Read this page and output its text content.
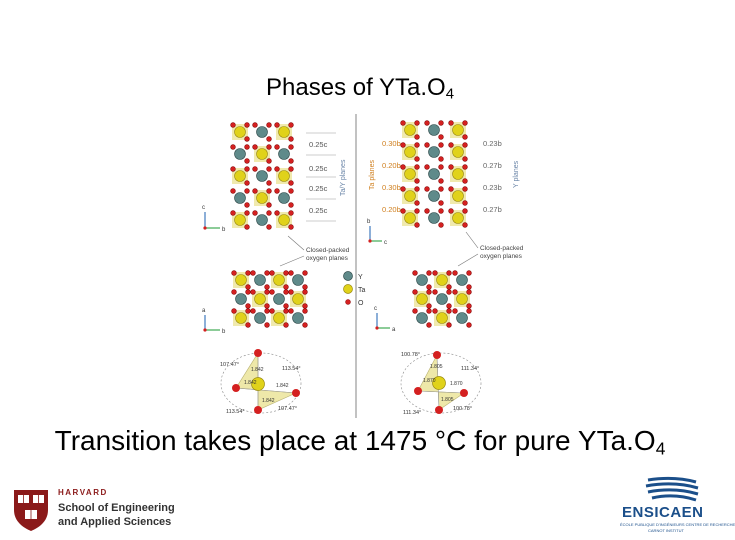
Phases of $YTa.O_4$
0.25c
0.25c
0.25c
0.25c
Ta/Y planes
0.30b
0.20b
0.30b
0.20b
0.23b
0.27b
0.23b
0.27b
Ta planes	Y planes
Closed-packed
oxygen planes
Closed-packed
oxygen planes
Y
Ta
O
c
b
b
c
a
b
c
a
107.47°
113.54°
113.54°	107.47°
1.842
1.842	1.842
1.842
100.78°
111.34°
111.34°
100.78°
1.805
1.870	1.870
1.805
Transition takes place at 1475 °C for pure $YTa.O_4$
HARVARD
School of Engineering
and Applied Sciences
ENSICAEN
ÉCOLE PUBLIQUE D'INGÉNIEURS CENTRE DE RECHERCHE
CARNOT INSTITUT
